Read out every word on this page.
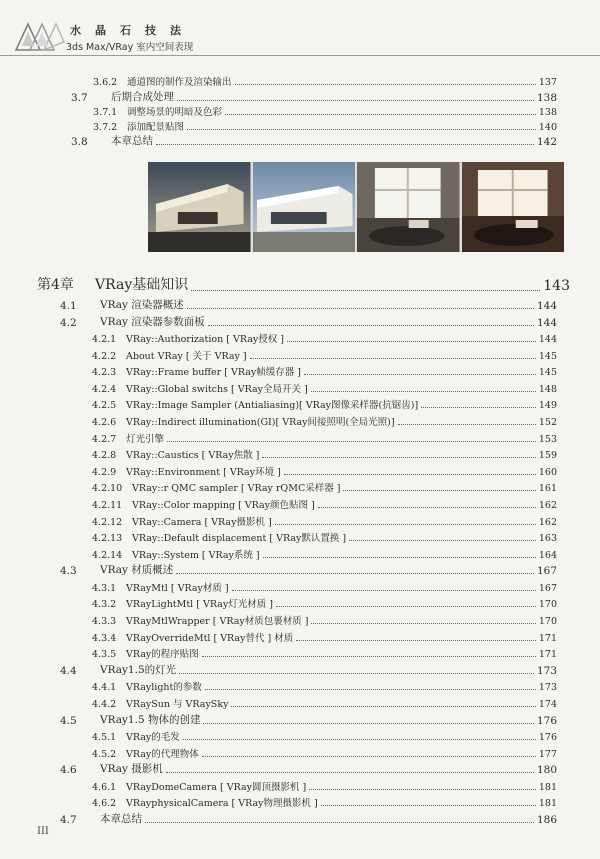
水晶石技法
3ds Max/VRay 室内空间表现
3.6.2	通道图的制作及渲染输出	137
3.7	后期合成处理	138
3.7.1	调整场景的明暗及色彩	138
3.7.2	添加配景贴图	140
3.8	本章总结	142
第4章	VRay基础知识	143
4.1	VRay 渲染器概述	144
4.2	VRay 渲染器参数面板	144
4.2.1	VRay::Authorization [ VRay授权 ]	144
4.2.2	About VRay [ 关于 VRay ]	145
4.2.3	VRay::Frame buffer [ VRay帧缓存器 ]	145
4.2.4	VRay::Global switchs [ VRay全局开关 ]	148
4.2.5	VRay::Image Sampler (Antialiasing)[ VRay图像采样器(抗锯齿)]	149
4.2.6	VRay::Indirect illumination(GI)[ VRay间接照明(全局光照)]	152
4.2.7	灯光引擎	153
4.2.8	VRay::Caustics [ VRay焦散 ]	159
4.2.9	VRay::Environment [ VRay环境 ]	160
4.2.10	VRay::r QMC sampler [ VRay rQMC采样器 ]	161
4.2.11	VRay::Color mapping [ VRay颜色贴图 ]	162
4.2.12	VRay::Camera [ VRay摄影机 ]	162
4.2.13	VRay::Default displacement [ VRay默认置换 ]	163
4.2.14	VRay::System [ VRay系统 ]	164
4.3	VRay 材质概述	167
4.3.1	VRayMtl [ VRay材质 ]	167
4.3.2	VRayLightMtl [ VRay灯光材质 ]	170
4.3.3	VRayMtlWrapper [ VRay材质包裹材质 ]	170
4.3.4	VRayOverrideMtl [ VRay替代 ] 材质	171
4.3.5	VRay的程序贴图	171
4.4	VRay1.5的灯光	173
4.4.1	VRaylight的参数	173
4.4.2	VRaySun 与 VRaySky	174
4.5	VRay1.5 物体的创建	176
4.5.1	VRay的毛发	176
4.5.2	VRay的代理物体	177
4.6	VRay 摄影机	180
4.6.1	VRayDomeCamera [ VRay圆顶摄影机 ]	181
4.6.2	VRayphysicalCamera [ VRay物理摄影机 ]	181
4.7	本章总结	186
III
